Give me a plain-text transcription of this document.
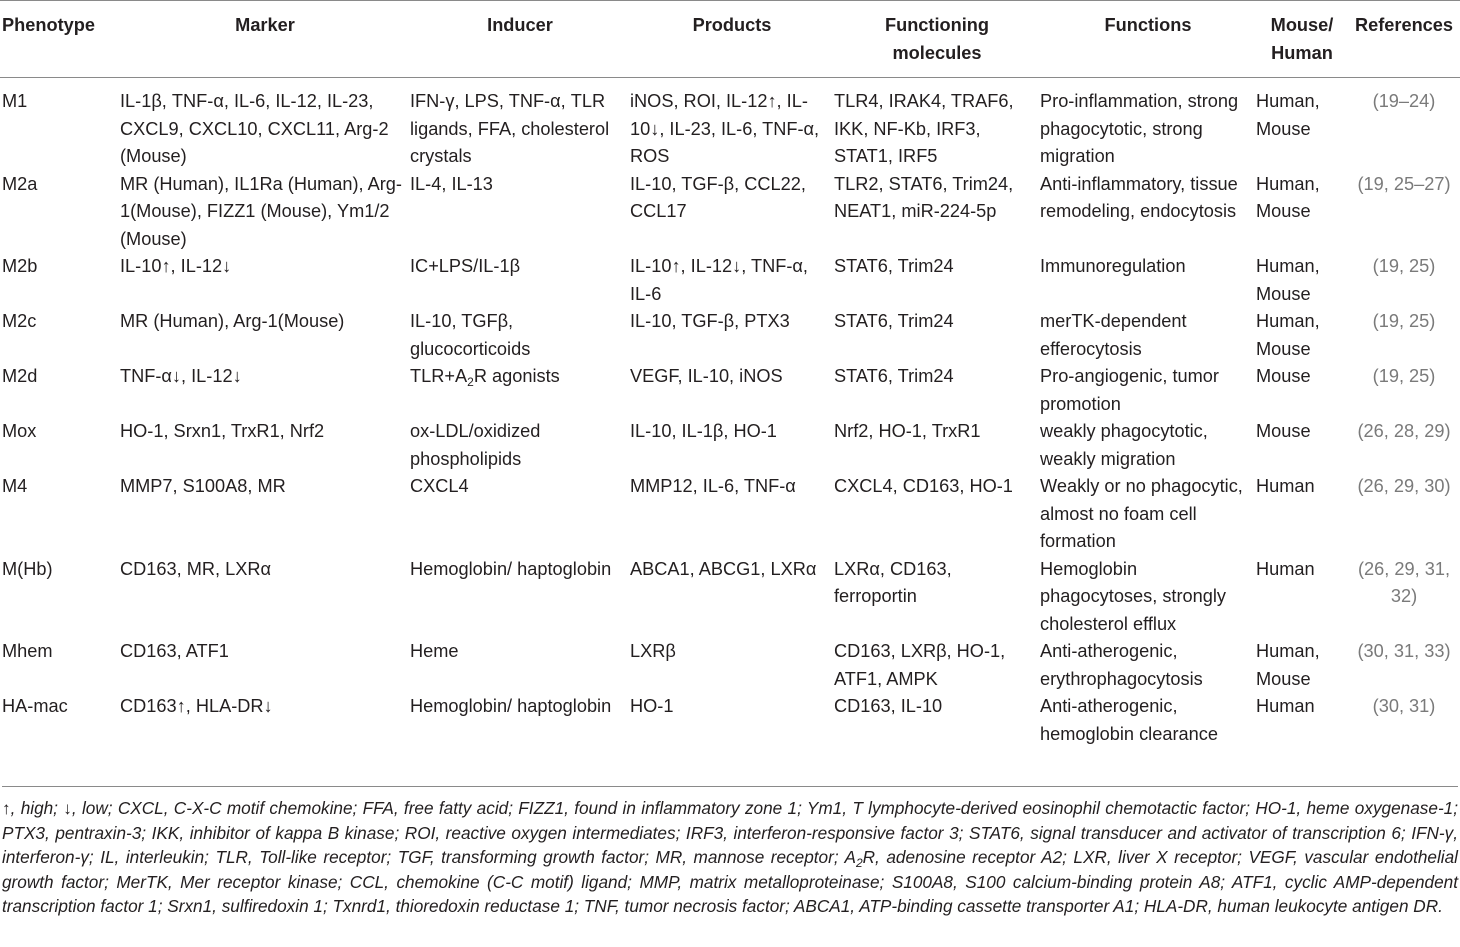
Phenotype	Marker	Inducer	Products	Functioning molecules	Functions	Mouse/ Human	References
M1	IL-1β, TNF-α, IL-6, IL-12, IL-23, CXCL9, CXCL10, CXCL11, Arg-2 (Mouse)	IFN-γ, LPS, TNF-α, TLR ligands, FFA, cholesterol crystals	iNOS, ROI, IL-12↑, IL-10↓, IL-23, IL-6, TNF-α, ROS	TLR4, IRAK4, TRAF6, IKK, NF-Kb, IRF3, STAT1, IRF5	Pro-inflammation, strong phagocytotic, strong migration	Human, Mouse	(19–24)
M2a	MR (Human), IL1Ra (Human), Arg-1(Mouse), FIZZ1 (Mouse), Ym1/2 (Mouse)	IL-4, IL-13	IL-10, TGF-β, CCL22, CCL17	TLR2, STAT6, Trim24, NEAT1, miR-224-5p	Anti-inflammatory, tissue remodeling, endocytosis	Human, Mouse	(19, 25–27)
M2b	IL-10↑, IL-12↓	IC+LPS/IL-1β	IL-10↑, IL-12↓, TNF-α, IL-6	STAT6, Trim24	Immunoregulation	Human, Mouse	(19, 25)
M2c	MR (Human), Arg-1(Mouse)	IL-10, TGFβ, glucocorticoids	IL-10, TGF-β, PTX3	STAT6, Trim24	merTK-dependent efferocytosis	Human, Mouse	(19, 25)
M2d	TNF-α↓, IL-12↓	$TLR+A_2R$ agonists	VEGF, IL-10, iNOS	STAT6, Trim24	Pro-angiogenic, tumor promotion	Mouse	(19, 25)
Mox	HO-1, Srxn1, TrxR1, Nrf2	ox-LDL/oxidized phospholipids	IL-10, IL-1β, HO-1	Nrf2, HO-1, TrxR1	weakly phagocytotic, weakly migration	Mouse	(26, 28, 29)
M4	MMP7, S100A8, MR	CXCL4	MMP12, IL-6, TNF-α	CXCL4, CD163, HO-1	Weakly or no phagocytic, almost no foam cell formation	Human	(26, 29, 30)
M(Hb)	CD163, MR, LXRα	Hemoglobin/ haptoglobin	ABCA1, ABCG1, LXRα	LXRα, CD163, ferroportin	Hemoglobin phagocytoses, strongly cholesterol efflux	Human	(26, 29, 31, 32)
Mhem	CD163, ATF1	Heme	LXRβ	CD163, LXRβ, HO-1, ATF1, AMPK	Anti-atherogenic, erythrophagocytosis	Human, Mouse	(30, 31, 33)
HA-mac	CD163↑, HLA-DR↓	Hemoglobin/ haptoglobin	HO-1	CD163, IL-10	Anti-atherogenic, hemoglobin clearance	Human	(30, 31)
↑, high; ↓, low; CXCL, C-X-C motif chemokine; FFA, free fatty acid; FIZZ1, found in inflammatory zone 1; Ym1, T lymphocyte-derived eosinophil chemotactic factor; HO-1, heme oxygenase-1; PTX3, pentraxin-3; IKK, inhibitor of kappa B kinase; ROI, reactive oxygen intermediates; IRF3, interferon-responsive factor 3; STAT6, signal transducer and activator of transcription 6; IFN-γ, interferon-γ; IL, interleukin; TLR, Toll-like receptor; TGF, transforming growth factor; MR, mannose receptor; $A_2R$, adenosine receptor A2; LXR, liver X receptor; VEGF, vascular endothelial growth factor; MerTK, Mer receptor kinase; CCL, chemokine (C-C motif) ligand; MMP, matrix metalloproteinase; S100A8, S100 calcium-binding protein A8; ATF1, cyclic AMP-dependent transcription factor 1; Srxn1, sulfiredoxin 1; Txnrd1, thioredoxin reductase 1; TNF, tumor necrosis factor; ABCA1, ATP-binding cassette transporter A1; HLA-DR, human leukocyte antigen DR.
